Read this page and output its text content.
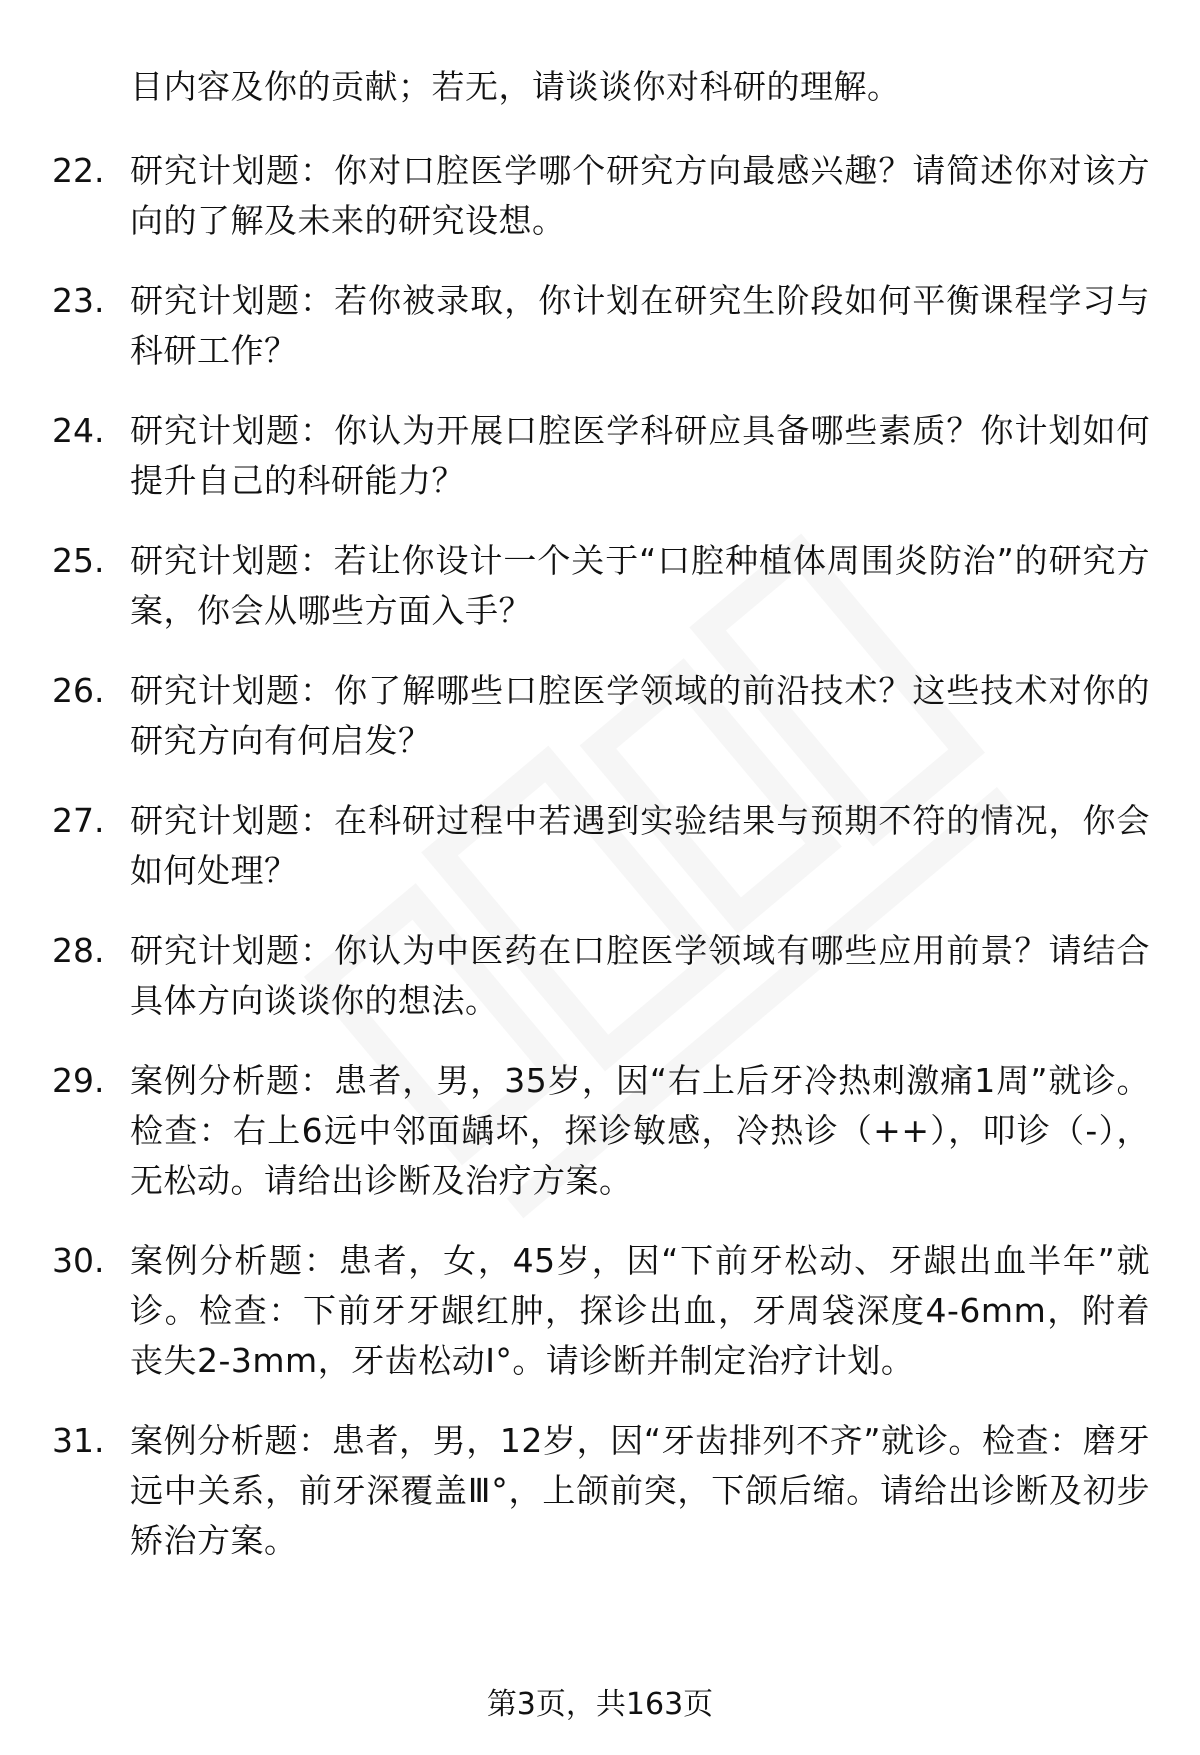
目内容及你的贡献；若无，请谈谈你对科研的理解。
22. 研究计划题：你对口腔医学哪个研究方向最感兴趣？请简述你对该方向的了解及未来的研究设想。
23. 研究计划题：若你被录取，你计划在研究生阶段如何平衡课程学习与科研工作？
24. 研究计划题：你认为开展口腔医学科研应具备哪些素质？你计划如何提升自己的科研能力？
25. 研究计划题：若让你设计一个关于“口腔种植体周围炎防治”的研究方案，你会从哪些方面入手？
26. 研究计划题：你了解哪些口腔医学领域的前沿技术？这些技术对你的研究方向有何启发？
27. 研究计划题：在科研过程中若遇到实验结果与预期不符的情况，你会如何处理？
28. 研究计划题：你认为中医药在口腔医学领域有哪些应用前景？请结合具体方向谈谈你的想法。
29. 案例分析题：患者，男，35岁，因“右上后牙冷热刺激痛1周”就诊。检查：右上6远中邻面龋坏，探诊敏感，冷热诊（++），叩诊（-），无松动。请给出诊断及治疗方案。
30. 案例分析题：患者，女，45岁，因“下前牙松动、牙龈出血半年”就诊。检查：下前牙牙龈红肿，探诊出血，牙周袋深度4-6mm，附着丧失2-3mm，牙齿松动Ⅰ°。请诊断并制定治疗计划。
31. 案例分析题：患者，男，12岁，因“牙齿排列不齐”就诊。检查：磨牙远中关系，前牙深覆盖Ⅲ°，上颌前突，下颌后缩。请给出诊断及初步矫治方案。
第3页，共163页
